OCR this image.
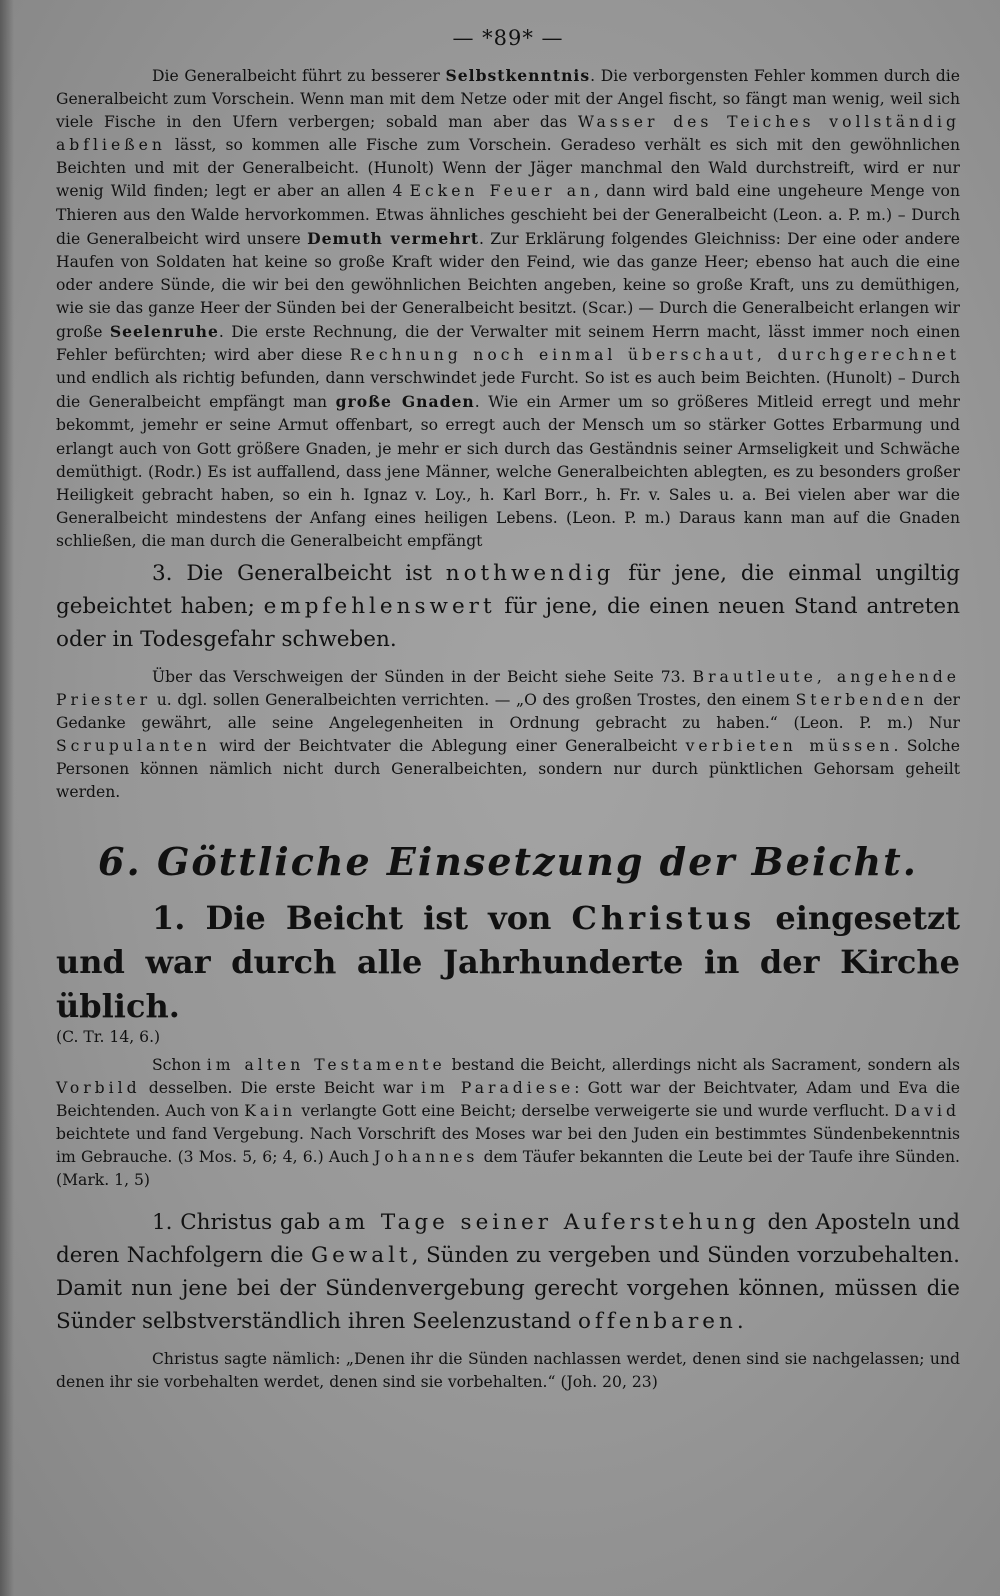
— *89* —

Die Generalbeicht führt zu besserer Selbstkenntnis. Die verborgensten Fehler kommen durch die Generalbeicht zum Vorschein. Wenn man mit dem Netze oder mit der Angel fischt, so fängt man wenig, weil sich viele Fische in den Ufern verbergen; sobald man aber das Wasser des Teiches vollständig abfließen lässt, so kommen alle Fische zum Vorschein. Geradeso verhält es sich mit den gewöhnlichen Beichten und mit der Generalbeicht. (Hunolt) Wenn der Jäger manchmal den Wald durchstreift, wird er nur wenig Wild finden; legt er aber an allen 4 Ecken Feuer an, dann wird bald eine ungeheure Menge von Thieren aus den Walde hervorkommen. Etwas ähnliches geschieht bei der Generalbeicht (Leon. a. P. m.) – Durch die Generalbeicht wird unsere Demuth vermehrt. Zur Erklärung folgendes Gleichniss: Der eine oder andere Haufen von Soldaten hat keine so große Kraft wider den Feind, wie das ganze Heer; ebenso hat auch die eine oder andere Sünde, die wir bei den gewöhnlichen Beichten angeben, keine so große Kraft, uns zu demüthigen, wie sie das ganze Heer der Sünden bei der Generalbeicht besitzt. (Scar.) — Durch die Generalbeicht erlangen wir große Seelenruhe. Die erste Rechnung, die der Verwalter mit seinem Herrn macht, lässt immer noch einen Fehler befürchten; wird aber diese Rechnung noch einmal überschaut, durchgerechnet und endlich als richtig befunden, dann verschwindet jede Furcht. So ist es auch beim Beichten. (Hunolt) – Durch die Generalbeicht empfängt man große Gnaden. Wie ein Armer um so größeres Mitleid erregt und mehr bekommt, jemehr er seine Armut offenbart, so erregt auch der Mensch um so stärker Gottes Erbarmung und erlangt auch von Gott größere Gnaden, je mehr er sich durch das Geständnis seiner Armseligkeit und Schwäche demüthigt. (Rodr.) Es ist auffallend, dass jene Männer, welche Generalbeichten ablegten, es zu besonders großer Heiligkeit gebracht haben, so ein h. Ignaz v. Loy., h. Karl Borr., h. Fr. v. Sales u. a. Bei vielen aber war die Generalbeicht mindestens der Anfang eines heiligen Lebens. (Leon. P. m.) Daraus kann man auf die Gnaden schließen, die man durch die Generalbeicht empfängt

3. Die Generalbeicht ist nothwendig für jene, die einmal ungiltig gebeichtet haben; empfehlenswert für jene, die einen neuen Stand antreten oder in Todesgefahr schweben.

Über das Verschweigen der Sünden in der Beicht siehe Seite 73. Brautleute, angehende Priester u. dgl. sollen Generalbeichten verrichten. — „O des großen Trostes, den einem Sterbenden der Gedanke gewährt, alle seine Angelegenheiten in Ordnung gebracht zu haben.“ (Leon. P. m.) Nur Scrupulanten wird der Beichtvater die Ablegung einer Generalbeicht verbieten müssen. Solche Personen können nämlich nicht durch Generalbeichten, sondern nur durch pünktlichen Gehorsam geheilt werden.

6. Göttliche Einsetzung der Beicht.
1. Die Beicht ist von Christus eingesetzt und war durch alle Jahrhunderte in der Kirche üblich.
(C. Tr. 14, 6.)

Schon im alten Testamente bestand die Beicht, allerdings nicht als Sacrament, sondern als Vorbild desselben. Die erste Beicht war im Paradiese: Gott war der Beichtvater, Adam und Eva die Beichtenden. Auch von Kain verlangte Gott eine Beicht; derselbe verweigerte sie und wurde verflucht. David beichtete und fand Vergebung. Nach Vorschrift des Moses war bei den Juden ein bestimmtes Sündenbekenntnis im Gebrauche. (3 Mos. 5, 6; 4, 6.) Auch Johannes dem Täufer bekannten die Leute bei der Taufe ihre Sünden. (Mark. 1, 5)

1. Christus gab am Tage seiner Auferstehung den Aposteln und deren Nachfolgern die Gewalt, Sünden zu vergeben und Sünden vorzubehalten. Damit nun jene bei der Sündenvergebung gerecht vorgehen können, müssen die Sünder selbstverständlich ihren Seelenzustand offenbaren.

Christus sagte nämlich: „Denen ihr die Sünden nachlassen werdet, denen sind sie nachgelassen; und denen ihr sie vorbehalten werdet, denen sind sie vorbehalten.“ (Joh. 20, 23)
